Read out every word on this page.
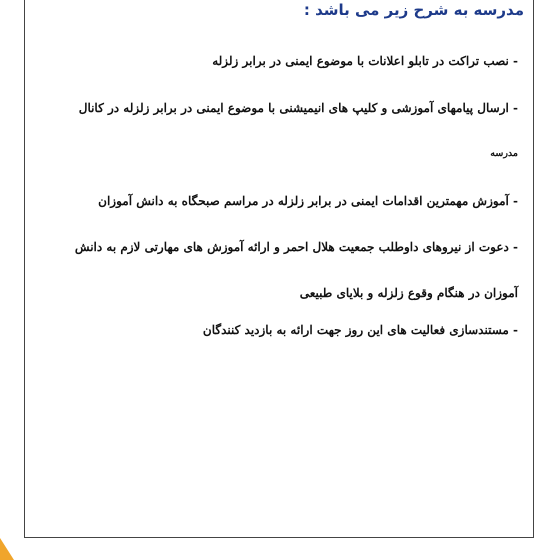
مدرسه به شرح زیر می باشد :
- نصب تراکت در تابلو اعلانات با موضوع ایمنی در برابر زلزله
- ارسال پیامهای آموزشی و کلیپ های انیمیشنی با موضوع ایمنی در برابر زلزله در کانال
مدرسه
- آموزش مهمترین اقدامات ایمنی در برابر زلزله در مراسم صبحگاه به دانش آموزان
- دعوت از نیروهای داوطلب جمعیت هلال احمر و ارائه آموزش های مهارتی لازم به دانش
آموزان در هنگام وقوع زلزله و بلایای طبیعی
- مستندسازی فعالیت های این روز جهت ارائه به بازدید کنندگان
